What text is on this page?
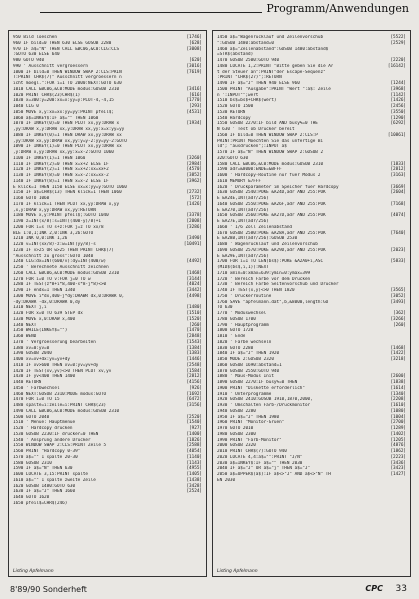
Programm/Anwendungen
950 Bild loeschen	[1746]
960 IF bild=0 THEN 630 ELSE GOSUB 2280	[628]
970 IF a$="N" THEN CALL &BC06,&C0:CLG:CLS	[3008]
:GOTO 630 ELSE 640
980 GOTO 940	[620]
990 ' Ausschnitt vergroessern	[3016]
1000 IF bild=0 THEN WINDOW SWAP 2:CLS:PRIN	[7619]
T:PRINT CHR$(7)" Ausschnitt vergroessern n
icht moegl.":FOR i=1 TO 2000:NEXT:GOTO 630
1010 CALL &BC06,&C0:MODE modus:GOSUB 2310	[3416]
1020 PRINT CHR$(23)CHR$(1)	[616]
1030 x=300:y=200:xx=x:yy=y:PLOT-4,-4,15	[1770]
1040 CLG 0	[293]
1050 MOVE x,y:xx=xx:yy=yy:PRINT pfeil$;	[4531]
1060 a$=INKEY$:IF a$="" THEN 1060
1070 IF INKEY(0)=0 THEN PLOT xx,yy:DRAW x	[1934]
,yy:DRAW x,y:DRAW xx,y:DRAW xx,yy:x=x:yy=yy
1080 IF INKEY(0)=1 THEN DRAW xx,yy:DRAW xx
,yy:DRAW xx,yy:DRAW xx,yy:y=y-2:yy=yy-2:GOTO
1090 IF INKEY(1)=0 THEN PLOT xx,yy:DRAW xx
,y:DRAW x,yy:DRAW xx,yy:x=x-2:GOTO 1060
1100 IF INKEY(1)=1 THEN 1060	[3260]
1110 IF INKEY(2)=0 THEN x=x+2 ELSE IF	[2984]
1120 IF INKEY(2)=1 THEN x=x+2:xx=xx+2	[4570]
1130 IF INKEY(8)=0 THEN x=x-2:xx=xx-2	[3852]
1140 IF INKEY(8)=1 THEN x=x-2 ELSE IF	[3962]
E klick=1 THEN 1150 ELSE xx=x:yy=y:GOTO 1060
1150 IF a$=CHR$(13) THEN klick=1 THEN 1060	[2732]
1160 GOTO 1060	[572]
1170 IF klick=1 THEN PLOT xx,yy:DRAW x,yy	[1426]
,x,y:DRAW x,yy:DRAW xx,yy:RETURN
1180 MOVE x,y:PRINT pfeil$;:GOTO 1040	[3378]
1190 z=INT(x/8):s=INT((400-y)/8)+1	[2008]
1200 FOR i=s TO s+z:FOR j=z TO xx/8	[3286]
BLE 1:0,1;INK 2,0:INK 3,26:GOTO
1210 INK 0,0:INK 1,26	[3490]
1220 v=INT(xx/8)-z:w=INT(yy/8)-s	[10491]
1230 IF v>25 OR w>25 THEN PRINT CHR$(7)
"Ausschnitt zu gross":GOTO 1040
1240 CLG:dx=INT(600/v):dy=INT(400/w)	[4492]
1250 ' Berechnete Ausschnitt zeichnen
1260 CALL &BC06,&C0:MODE modus:GOSUB 2310	[1468]
1270 FOR i=0 TO v:FOR j=0 TO w	[3144]
1280 IF TEST(z*8+i*8,400-s*8-j*8)<>0	[4024]
1290 IF endx=1 THEN 1340	[3442]
1300 MOVE i*dx,400-j*dy:DRAWR dx,0:DRAWR 0,	[4498]
-dy:DRAWR -dx,0:DRAWR 0,dy
1310 NEXT j,i	[1480]
1320 FOR x=0 TO 639 STEP dx	[1510]
1330 MOVE x,0:DRAW x,400	[1520]
1340 NEXT	[260]
1350 WHILE(INKEY$="")	[1470]
1360 WEND	[2848]
1370 ' Vergroesserung bearbeiten	[1543]
1380 xv=0:yv=0	[1384]
1390 GOSUB 2040	[1383]
1400 xv=xv+dx:yv=yv+dy	[1446]
1410 IF xv>600 THEN xv=0:yv=yv+dy	[2548]
1420 IF TEST(xv,yv)<>0 THEN PLOT xv,yv	[1584]
1430 IF yv<400 THEN 1400	[2812]
1440 RETURN	[4156]
1450 ' Farbwechsel	[926]
1460 NEXT:GOSUB 2310:MODE modus:GOTO	[1692]
1470 FOR i=0 TO 15	[6472]
1480 spalte=i:zeile=i:PRINT CHR$(23)	[3156]
1490 CALL &BC06,&C0:MODE modus:GOSUB 2310
1500 GOTO 2040	[2520]
1510 ' Menue: Hauptmenue	[1540]
1520 ' Hardcopy drucken	[927]
1530 GOSUB 2230:IF drucker=0 THEN	[1400]
1540 ' Ansprung andere Drucker	[1826]
1550 WINDOW SWAP 2:CLS:PRINT Zeile 5	[2588]
1560 PRINT "Hardcopy 0-39"	[4054]
1570 a$="" 1 spalte 20-30	[1140]
1580 GOSUB 2310	[1143]
1590 IF a$="N" THEN 630	[4955]
1600 LOCATE 3,15:PRINT spalte	[1405]
1610 a$="" 1 spalte zweite Zeile	[1438]
1620 GOSUB 1480:GOTO 630	[3428]
1630 IF a$="J" THEN 1660	[2524]
1640 GOTO 1620
1650 pfeil$=CHR$(246)
Listing Apfelmann
1450 a$="Wagenrucklauf und Zeilenvorschub	[5522]
":GOSUB 1480:abstand=0	[2529]
1460 a$="Zeilenabstand":GOSUB 1480:abstand$
=STR$(abstand)
1470 GOSUB 2500:GOTO 940	[2220]
1480 LOCATE 1,2:PRINT "Bitte geben Sie die Ar	[16142]
t der Steuer an":PRINT"der Escape-Sequenz"
:PRINT "CHR$(27)";:RETURN
1490 IF a$="J" THEN 940 ELSE 960	[1244]
1500 PRINT "Ausgabe":PRINT "Wert ":a$: Zeile	[3968]
n ':INPUT"";wert	[1142]
1510 bs$=bs$+CHR$(wert)	[1426]
1520 GOTO 1500	[2456]
1530 RETURN	[3550]
1540 Hardcopy	[1290]
1550 GOSUB 2270:IF bild AND busy%=0 THE	[6292]
N 630 ' Test ob Drucker bereit
1560 IF bild=0 THEN WINDOW SWAP 2:CLS:P	[10861]
PRINT:PRINT Moechten Sie das unfertige Bi
ld"; "ausdrucken";:INPUT a$
1570 IF a$="N" THEN WINDOW SWAP 2:GOSUB 2
320:GOTO 630
1580 CALL &BC06,&C0:MODE modus:GOSUB 2310	[1833]
1590 adr=&8000:ENDE=&BFFF	[2812]
1600 ' Hardcopy-Routine nur fuer Modus 2	[3163]
1610 MEMORY &7FFF
1620 ' Druckparameter im Speicher fuer Hardcopy	[3669]
1630 GOSUB 2540:POKE &A24D,adr AND 255:POK	[2604]
E &A24E,INT(adr/256)
1640 GOSUB 2550:POKE &A26F,adr AND 255:POK	[7168]
E &A270,INT(adr/256)
1650 GOSUB 2560:POKE &A27D,adr AND 255:POK	[4074]
E &A27E,INT(adr/256)
1660 ' 1/6 Zoll Zeilenabstand
1670 GOSUB 2580:POKE &A28A,adr AND 255:POK	[7640]
E &A28B,INT(adr/256):GOSUB 2530
1680 ' Wagenrucklauf und Zeilenvorschub
1690 GOSUB 2570:POKE &A29D,adr AND 255:POK	[2023]
E &A29E,INT(adr/256)
1700 FOR i=1 TO LEN(bs$):POKE &A2A0+i,ASC	[5833]
(MID$(bs$,i,1)):NEXT
1710 xmin=0:xmax=639:ymin=0:ymax=399
1720 ' Bereich Farbe vor dem Drucken
1730 ' Bereich Farbe Seitenvorschub und Drucker
1740 IF TEST(x,y)<>0 THEN 1820	[3565]
1750 ' Druckerroutine	[3052]
1760 SAVE "apfelmann.dat",b,&8000,length:GO	[3493]
TO 630
1770 ' Moduswechsel	[362]
1780 GOSUB 1700	[3266]
1790 ' Hauptprogramm	[260]
1800 GOTO 1720
1810 ' Ende
1820 ' Farbe wechseln
1830 GOTO 2280	[1468]
1840 IF a$="J" THEN 1920	[1422]
1850 MODE 2:GOSUB 2320	[3218]
1860 GOSUB 1690:abstand=1
1870 GOSUB 2550:GOTO 940
1880 ' Maus-Modus Init	[2600]
1890 GOSUB 2270:IF busy%=0 THEN	[1838]
1900 PRINT "Diskette erforderlich"	[1614]
1910 ' Unterprogramme	[1340]
1920 GOSUB 2410:GOSUB 1910,1870,2000,	[2208]
1930 ' Umschalten Farb-/Druckmonitor	[1610]
1940 GOSUB 2280	[1080]
1950 IF a$="J" THEN 1980	[1004]
1960 PRINT "Monitor-Gruen"	[2700]
1970 GOTO 2010	[1289]
1980 GOSUB 2300	[1402]
1990 PRINT "Farb-Monitor"	[1205]
2000 GOSUB 2320	[4876]
2010 PRINT CHR$(7):GOTO 940	[1862]
2020 LOCATE 4,4:a$="":PRINT "J/N"	[2223]
2030 a$=INKEY$:IF a$="" THEN 2030	[3436]
2040 IF a$="J" OR a$="j" THEN a$="J"	[3423]
2050 a$=UPPER$(a$):IF a$<>"J" AND a$<>"N" TH	[1427]
EN 2030
Listing Apfelmann
8'89/90 Sonderheft	CPC 33
